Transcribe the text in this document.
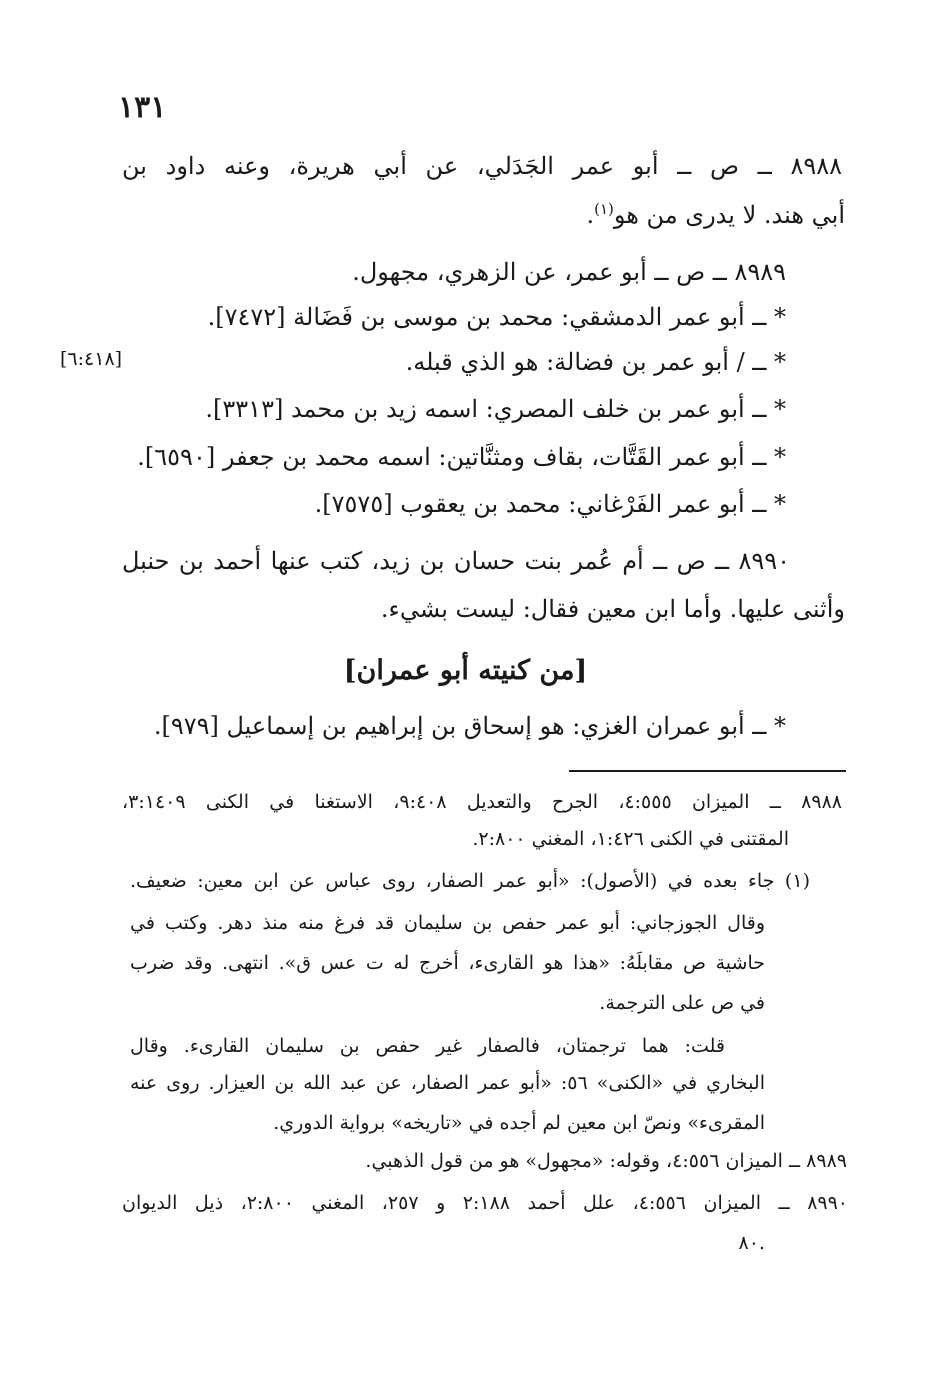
١٣١
٨٩٨٨ ــ ص ــ أبو عمر الجَدَلي، عن أبي هريرة، وعنه داود بن
أبي هند. لا يدرى من هو$^{(١)}$.
٨٩٨٩ ــ ص ــ أبو عمر، عن الزهري، مجهول.
* ــ أبو عمر الدمشقي: محمد بن موسى بن فَضَالة [٧٤٧٢].
* ــ / أبو عمر بن فضالة: هو الذي قبله.
* ــ أبو عمر بن خلف المصري: اسمه زيد بن محمد [٣٣١٣].
* ــ أبو عمر القَتَّات، بقاف ومثنَّاتين: اسمه محمد بن جعفر [٦٥٩٠].
* ــ أبو عمر الفَرْغاني: محمد بن يعقوب [٧٥٧٥].
٨٩٩٠ ــ ص ــ أم عُمر بنت حسان بن زيد، كتب عنها أحمد بن حنبل
وأثنى عليها. وأما ابن معين فقال: ليست بشيء.
[٦:٤١٨]
[من كنيته أبو عمران]
* ــ أبو عمران الغزي: هو إسحاق بن إبراهيم بن إسماعيل [٩٧٩].
٨٩٨٨ ــ الميزان ٤:٥٥٥، الجرح والتعديل ٩:٤٠٨، الاستغنا في الكنى ٣:١٤٠٩،
المقتنى في الكنى ١:٤٢٦، المغني ٢:٨٠٠.
(١) جاء بعده في (الأصول): «أبو عمر الصفار، روى عباس عن ابن معين: ضعيف.
وقال الجوزجاني: أبو عمر حفص بن سليمان قد فرغ منه منذ دهر. وكتب في
حاشية ص مقابلَهُ: «هذا هو القارىء، أخرج له ت عس ق». انتهى. وقد ضرب
في ص على الترجمة.
قلت: هما ترجمتان، فالصفار غير حفص بن سليمان القارىء. وقال
البخاري في «الكنى» ٥٦: «أبو عمر الصفار، عن عبد الله بن العيزار. روى عنه
المقرىء» ونصّ ابن معين لم أجده في «تاريخه» برواية الدوري.
٨٩٨٩ ــ الميزان ٤:٥٥٦، وقوله: «مجهول» هو من قول الذهبي.
٨٩٩٠ ــ الميزان ٤:٥٥٦، علل أحمد ٢:١٨٨ و ٢٥٧، المغني ٢:٨٠٠، ذيل الديوان
.٨٠
